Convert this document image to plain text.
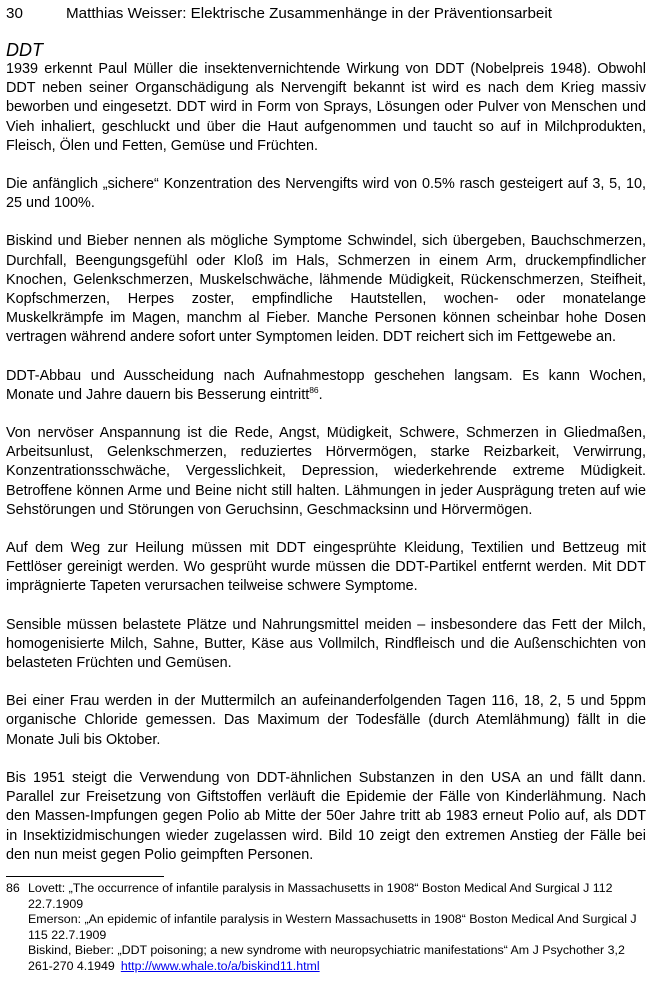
30	Matthias Weisser: Elektrische Zusammenhänge in der Präventionsarbeit
DDT

1939 erkennt Paul Müller die insektenvernichtende Wirkung von DDT (Nobelpreis 1948). Obwohl DDT neben seiner Organschädigung als Nervengift bekannt ist wird es nach dem Krieg massiv beworben und eingesetzt. DDT wird in Form von Sprays, Lösungen oder Pulver von Menschen und Vieh inhaliert, geschluckt und über die Haut aufgenommen und taucht so auf in Milchprodukten, Fleisch, Ölen und Fetten, Gemüse und Früchten.

Die anfänglich „sichere“ Konzentration des Nervengifts wird von 0.5% rasch gesteigert auf 3, 5, 10, 25 und 100%.

Biskind und Bieber nennen als mögliche Symptome Schwindel, sich übergeben, Bauchschmerzen, Durchfall, Beengungsgefühl oder Kloß im Hals, Schmerzen in einem Arm, druckempfindlicher Knochen, Gelenkschmerzen, Muskelschwäche, lähmende Müdigkeit, Rückenschmerzen, Steifheit, Kopfschmerzen, Herpes zoster, empfindliche Hautstellen, wochen- oder monatelange Muskelkrämpfe im Magen, manchm al Fieber. Manche Personen können scheinbar hohe Dosen vertragen während andere sofort unter Symptomen leiden. DDT reichert sich im Fettgewebe an.

DDT-Abbau und Ausscheidung nach Aufnahmestopp geschehen langsam. Es kann Wochen, Monate und Jahre dauern bis Besserung eintritt$^{86}$.

Von nervöser Anspannung ist die Rede, Angst, Müdigkeit, Schwere, Schmerzen in Gliedmaßen, Arbeitsunlust, Gelenkschmerzen, reduziertes Hörvermögen, starke Reizbarkeit, Verwirrung, Konzentrationsschwäche, Vergesslichkeit, Depression, wiederkehrende extreme Müdigkeit. Betroffene können Arme und Beine nicht still halten. Lähmungen in jeder Ausprägung treten auf wie Sehstörungen und Störungen von Geruchsinn, Geschmacksinn und Hörvermögen.

Auf dem Weg zur Heilung müssen mit DDT eingesprühte Kleidung, Textilien und Bettzeug mit Fettlöser gereinigt werden. Wo gesprüht wurde müssen die DDT-Partikel entfernt werden. Mit DDT imprägnierte Tapeten verursachen teilweise schwere Symptome.

Sensible müssen belastete Plätze und Nahrungsmittel meiden – insbesondere das Fett der Milch, homogenisierte Milch, Sahne, Butter, Käse aus Vollmilch, Rindfleisch und die Außenschichten von belasteten Früchten und Gemüsen.

Bei einer Frau werden in der Muttermilch an aufeinanderfolgenden Tagen 116, 18, 2, 5 und 5ppm organische Chloride gemessen. Das Maximum der Todesfälle (durch Atemlähmung) fällt in die Monate Juli bis Oktober.

Bis 1951 steigt die Verwendung von DDT-ähnlichen Substanzen in den USA an und fällt dann. Parallel zur Freisetzung von Giftstoffen verläuft die Epidemie der Fälle von Kinderlähmung. Nach den Massen-Impfungen gegen Polio ab Mitte der 50er Jahre tritt ab 1983 erneut Polio auf, als DDT in Insektizidmischungen wieder zugelassen wird. Bild 10 zeigt den extremen Anstieg der Fälle bei den nun meist gegen Polio geimpften Personen.

86 Lovett: „The occurrence of infantile paralysis in Massachusetts in 1908“ Boston Medical And Surgical J 112 22.7.1909

Emerson: „An epidemic of infantile paralysis in Western Massachusetts in 1908“ Boston Medical And Surgical J 115 22.7.1909

Biskind, Bieber: „DDT poisoning; a new syndrome with neuropsychiatric manifestations“ Am J Psychother 3,2 261-270 4.1949 http://www.whale.to/a/biskind11.html
